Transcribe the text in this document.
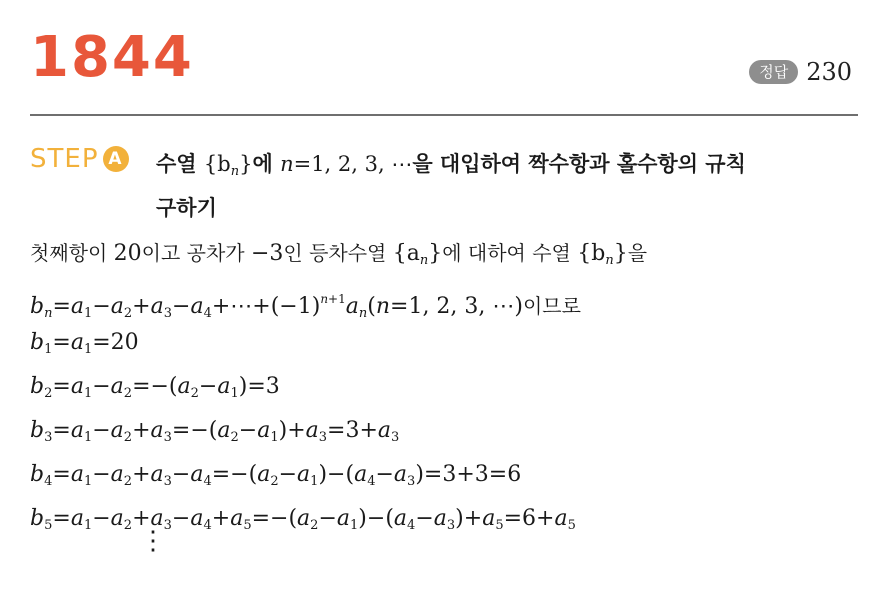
1844	정답 230
STEP A 수열 $\{b_n\}$에 n=1, 2, 3, ⋯을 대입하여 짝수항과 홀수항의 규칙
구하기
첫째항이 20이고 공차가 −3인 등차수열 $\{a_n\}$에 대하여 수열 $\{b_n\}$을
$b_n=a_1-a_2+a_3-a_4+\cdots+(-1)^{n+1}a_n(n=1$, 2, 3, ⋯)이므로
$b_1=a_1=20$
$b_2=a_1-a_2=-(a_2-a_1)=3$
$b_3=a_1-a_2+a_3=-(a_2-a_1)+a_3=3+a_3$
$b_4=a_1-a_2+a_3-a_4=-(a_2-a_1)-(a_4-a_3)=3+3=6$
$b_5=a_1-a_2+a_3-a_4+a_5=-(a_2-a_1)-(a_4-a_3)+a_5=6+a_5$
⋮
